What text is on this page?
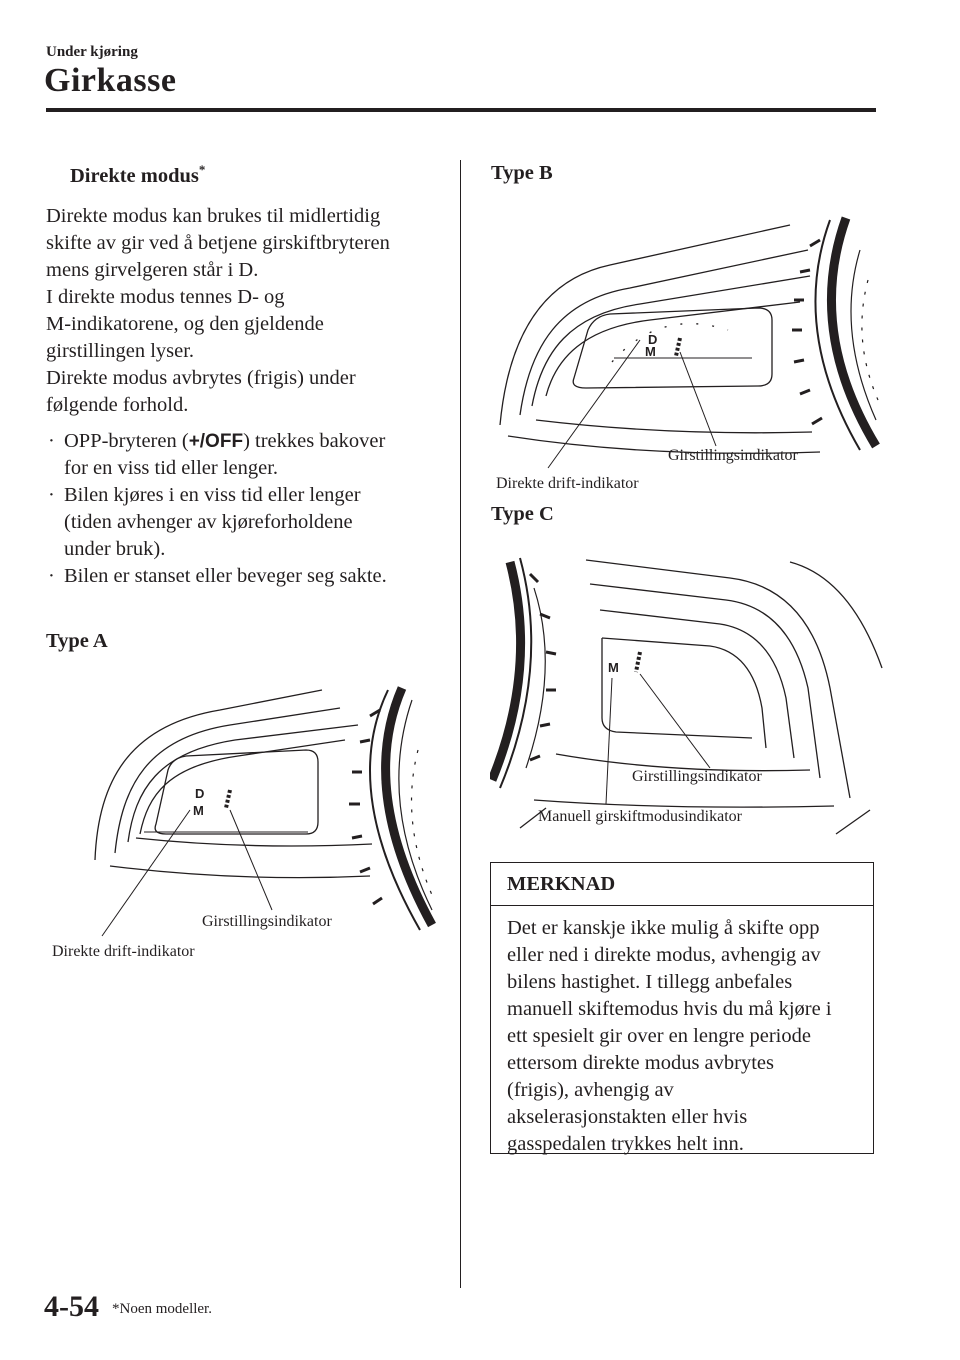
Under kjøring
Girkasse
Direkte modus*

Direkte modus kan brukes til midlertidig

skifte av gir ved å betjene girskiftbryteren

mens girvelgeren står i D.

I direkte modus tennes D- og

M-indikatorene, og den gjeldende

girstillingen lyser.

Direkte modus avbrytes (frigis) under

følgende forhold.

· OPP-bryteren (+/OFF) trekkes bakover
for en viss tid eller lenger.
· Bilen kjøres i en viss tid eller lenger
(tiden avhenger av kjøreforholdene
under bruk).
· Bilen er stanset eller beveger seg sakte.
Type A
Type B
Type C
D
M
Girstillingsindikator
Direkte drift-indikator
D
M
Girstillingsindikator
Direkte drift-indikator
M
Girstillingsindikator
Manuell girskiftmodusindikator
MERKNAD
Det er kanskje ikke mulig å skifte opp
eller ned i direkte modus, avhengig av
bilens hastighet. I tillegg anbefales
manuell skiftemodus hvis du må kjøre i
ett spesielt gir over en lengre periode
ettersom direkte modus avbrytes
(frigis), avhengig av
akselerasjonstakten eller hvis
gasspedalen trykkes helt inn.
4-54 *Noen modeller.
